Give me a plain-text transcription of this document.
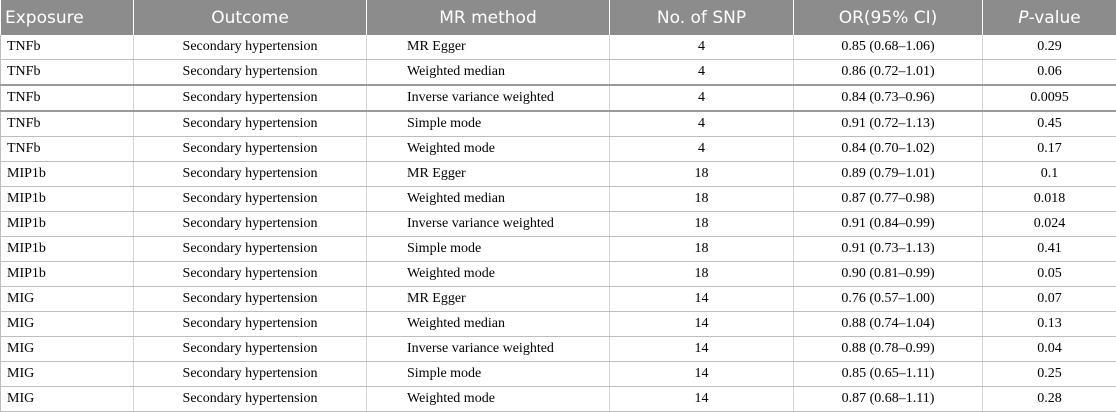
Exposure	Outcome	MR method	No. of SNP	OR(95% CI)	P-value
TNFb	Secondary hypertension	MR Egger	4	0.85 (0.68–1.06)	0.29
TNFb	Secondary hypertension	Weighted median	4	0.86 (0.72–1.01)	0.06
TNFb	Secondary hypertension	Inverse variance weighted	4	0.84 (0.73–0.96)	0.0095
TNFb	Secondary hypertension	Simple mode	4	0.91 (0.72–1.13)	0.45
TNFb	Secondary hypertension	Weighted mode	4	0.84 (0.70–1.02)	0.17
MIP1b	Secondary hypertension	MR Egger	18	0.89 (0.79–1.01)	0.1
MIP1b	Secondary hypertension	Weighted median	18	0.87 (0.77–0.98)	0.018
MIP1b	Secondary hypertension	Inverse variance weighted	18	0.91 (0.84–0.99)	0.024
MIP1b	Secondary hypertension	Simple mode	18	0.91 (0.73–1.13)	0.41
MIP1b	Secondary hypertension	Weighted mode	18	0.90 (0.81–0.99)	0.05
MIG	Secondary hypertension	MR Egger	14	0.76 (0.57–1.00)	0.07
MIG	Secondary hypertension	Weighted median	14	0.88 (0.74–1.04)	0.13
MIG	Secondary hypertension	Inverse variance weighted	14	0.88 (0.78–0.99)	0.04
MIG	Secondary hypertension	Simple mode	14	0.85 (0.65–1.11)	0.25
MIG	Secondary hypertension	Weighted mode	14	0.87 (0.68–1.11)	0.28
